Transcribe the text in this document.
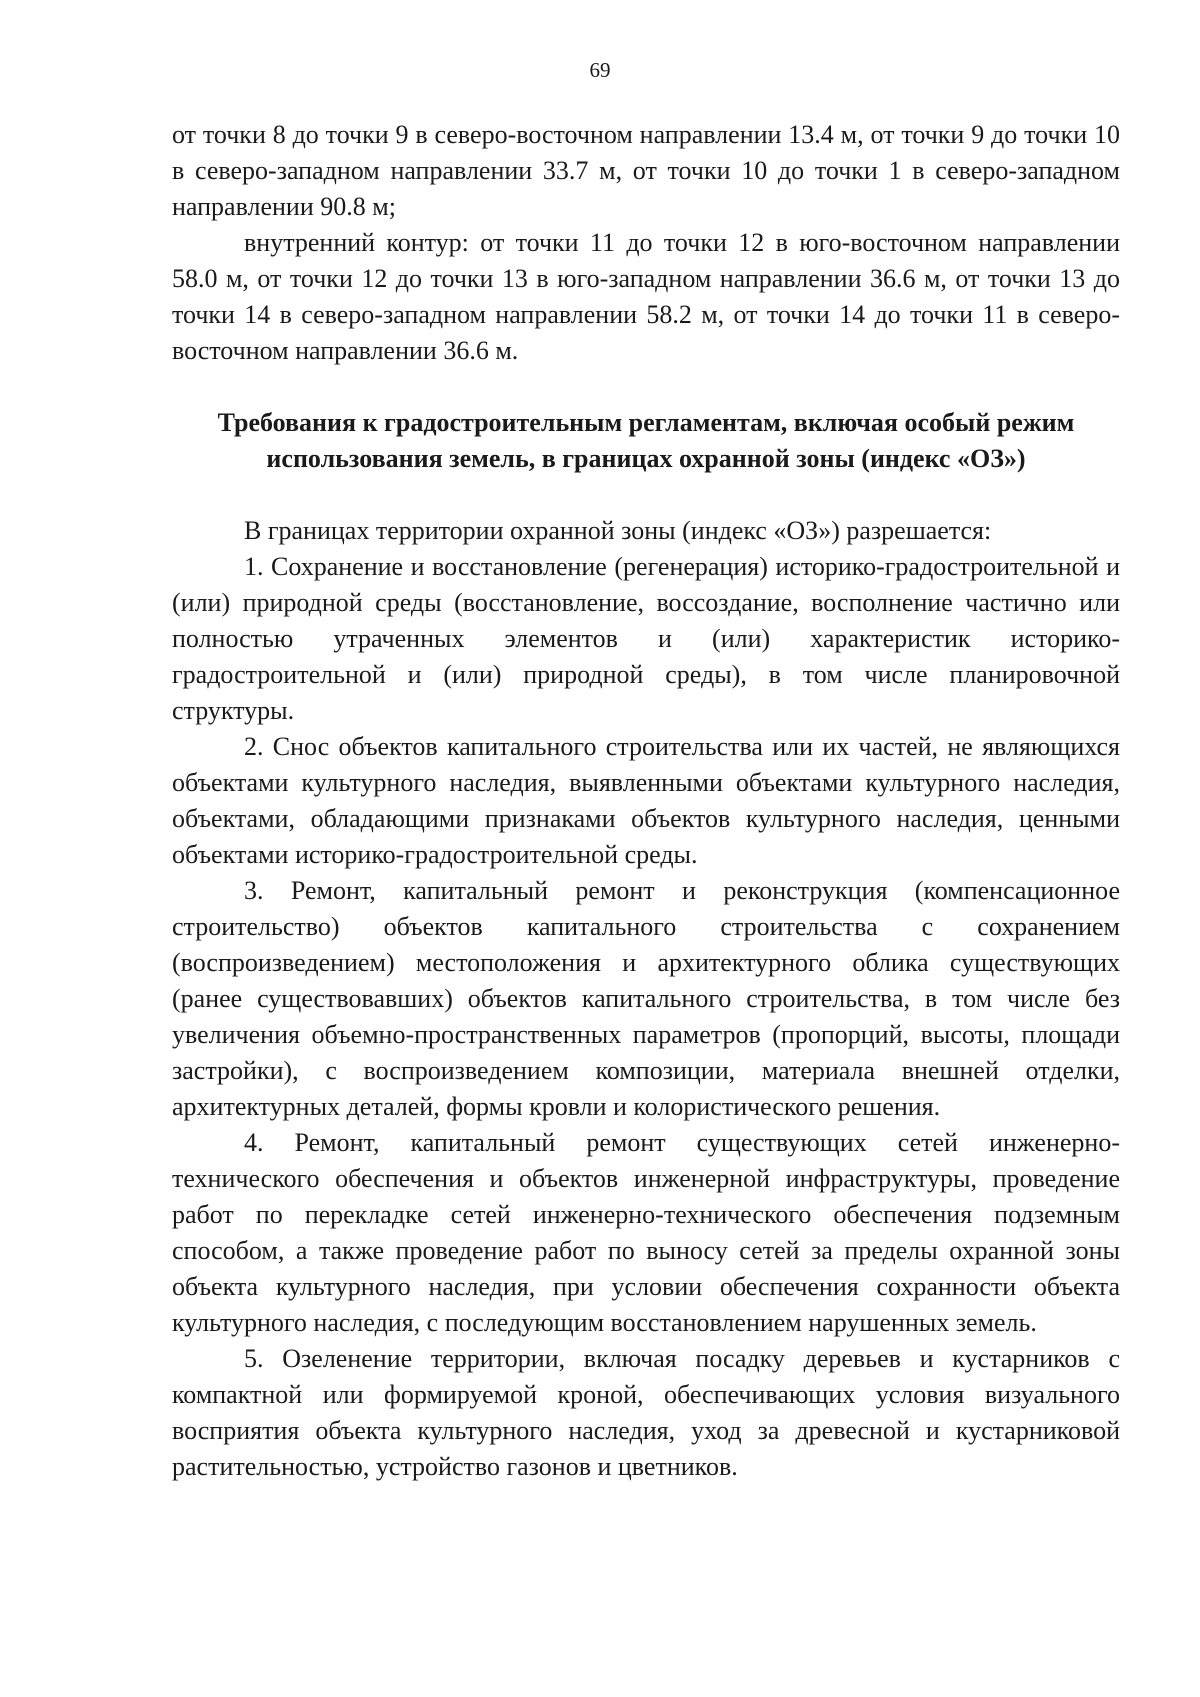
69

от точки 8 до точки 9 в северо-восточном направлении 13.4 м, от точки 9 до точки 10 в северо-западном направлении 33.7 м, от точки 10 до точки 1 в северо-западном направлении 90.8 м;

внутренний контур: от точки 11 до точки 12 в юго-восточном направлении 58.0 м, от точки 12 до точки 13 в юго-западном направлении 36.6 м, от точки 13 до точки 14 в северо-западном направлении 58.2 м, от точки 14 до точки 11 в северо-восточном направлении 36.6 м.

Требования к градостроительным регламентам, включая особый режим использования земель, в границах охранной зоны (индекс «ОЗ»)

В границах территории охранной зоны (индекс «ОЗ») разрешается:

1. Сохранение и восстановление (регенерация) историко-градостроительной и (или) природной среды (восстановление, воссоздание, восполнение частично или полностью утраченных элементов и (или) характеристик историко-градостроительной и (или) природной среды), в том числе планировочной структуры.

2. Снос объектов капитального строительства или их частей, не являющихся объектами культурного наследия, выявленными объектами культурного наследия, объектами, обладающими признаками объектов культурного наследия, ценными объектами историко-градостроительной среды.

3. Ремонт, капитальный ремонт и реконструкция (компенсационное строительство) объектов капитального строительства с сохранением (воспроизведением) местоположения и архитектурного облика существующих (ранее существовавших) объектов капитального строительства, в том числе без увеличения объемно-пространственных параметров (пропорций, высоты, площади застройки), с воспроизведением композиции, материала внешней отделки, архитектурных деталей, формы кровли и колористического решения.

4. Ремонт, капитальный ремонт существующих сетей инженерно-технического обеспечения и объектов инженерной инфраструктуры, проведение работ по перекладке сетей инженерно-технического обеспечения подземным способом, а также проведение работ по выносу сетей за пределы охранной зоны объекта культурного наследия, при условии обеспечения сохранности объекта культурного наследия, с последующим восстановлением нарушенных земель.

5. Озеленение территории, включая посадку деревьев и кустарников с компактной или формируемой кроной, обеспечивающих условия визуального восприятия объекта культурного наследия, уход за древесной и кустарниковой растительностью, устройство газонов и цветников.
